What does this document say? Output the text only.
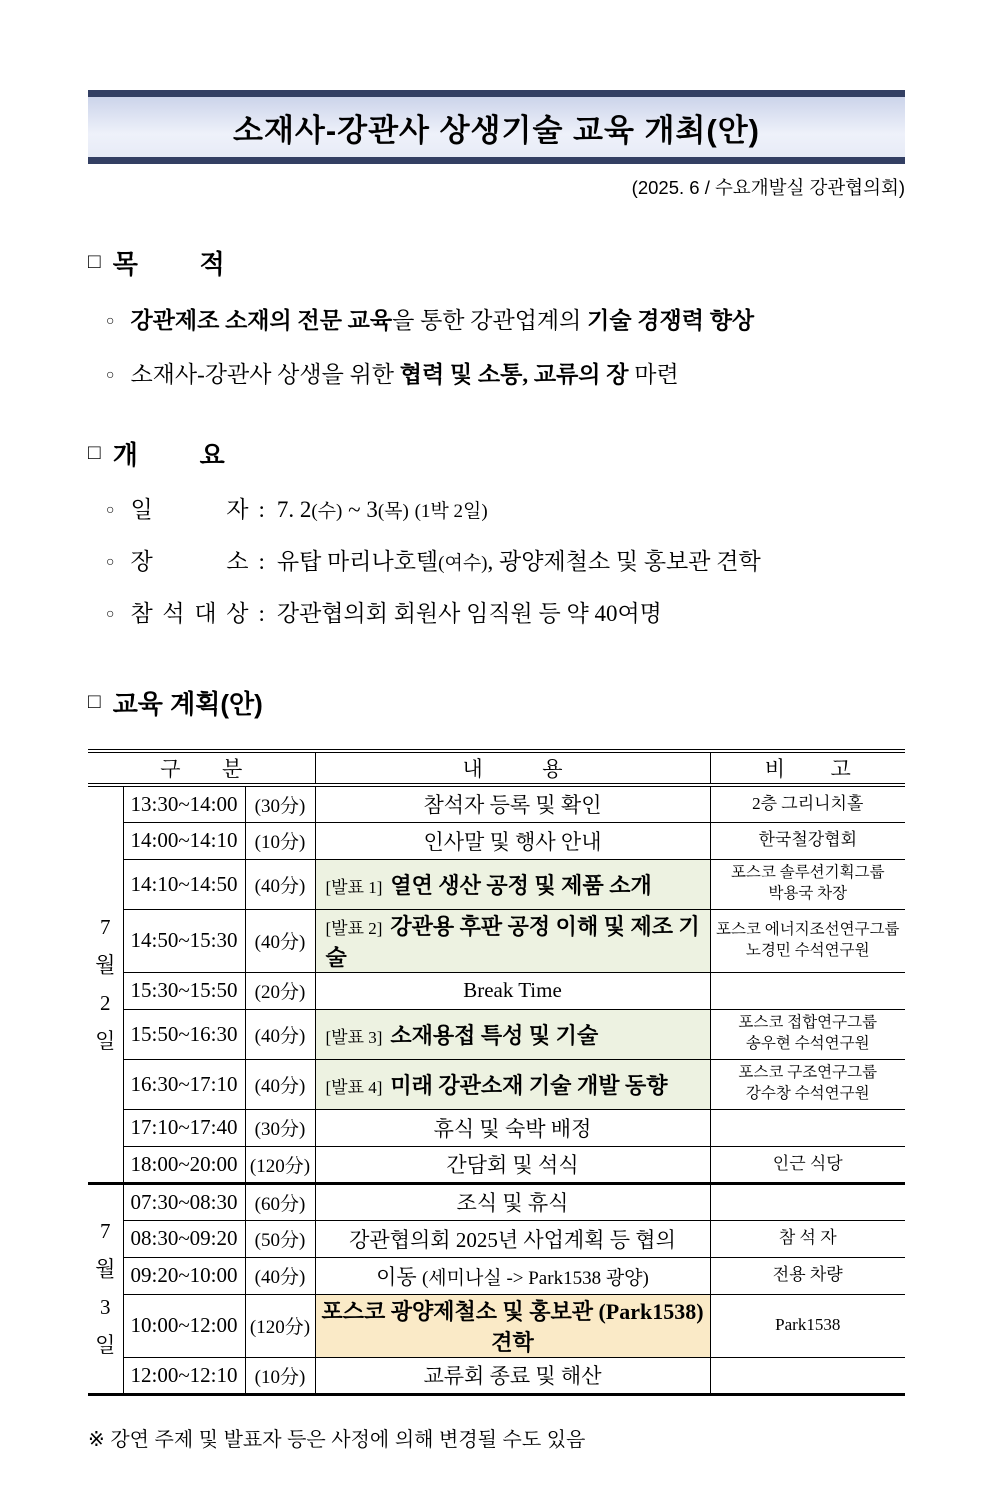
소재사-강관사 상생기술 교육 개최(안)
(2025. 6 / 수요개발실 강관협의회)
□ 목 적
○ 강관제조 소재의 전문 교육을 통한 강관업계의 기술 경쟁력 향상
○ 소재사-강관사 상생을 위한 협력 및 소통, 교류의 장 마련
□ 개 요
○ 일	자 : 7. 2(수) ~ 3(목) (1박 2일)
○ 장	소 : 유탑 마리나호텔(여수), 광양제철소 및 홍보관 견학
○ 참 석 대 상 : 강관협의회 회원사 임직원 등 약 40여명
□ 교육 계획(안)
구 분			내 용	비 고

7
월
2
일	13:30~14:00	(30分)	참석자 등록 및 확인	2층 그리니치홀

	14:00~14:10	(10分)	인사말 및 행사 안내	한국철강협회

	14:10~14:50	(40分)	[발표 1] 열연 생산 공정 및 제품 소개	포스코 솔루션기획그룹
박용국 차장

	14:50~15:30	(40分)	[발표 2] 강관용 후판 공정 이해 및 제조 기술	포스코 에너지조선연구그룹
노경민 수석연구원

	15:30~15:50	(20分)	Break Time	
	15:50~16:30	(40分)	[발표 3] 소재용접 특성 및 기술	포스코 접합연구그룹
송우현 수석연구원

	16:30~17:10	(40分)	[발표 4] 미래 강관소재 기술 개발 동향	포스코 구조연구그룹
강수창 수석연구원

	17:10~17:40	(30分)	휴식 및 숙박 배정	
	18:00~20:00	(120分)	간담회 및 석식	인근 식당

7
월
3
일	07:30~08:30	(60分)	조식 및 휴식	
	08:30~09:20	(50分)	강관협의회 2025년 사업계획 등 협의	참 석 자

	09:20~10:00	(40分)	이동 (세미나실 -> Park1538 광양)	전용 차량

	10:00~12:00	(120分)	포스코 광양제철소 및 홍보관 (Park1538) 견학	Park1538

	12:00~12:10	(10分)	교류회 종료 및 해산	
※ 강연 주제 및 발표자 등은 사정에 의해 변경될 수도 있음
